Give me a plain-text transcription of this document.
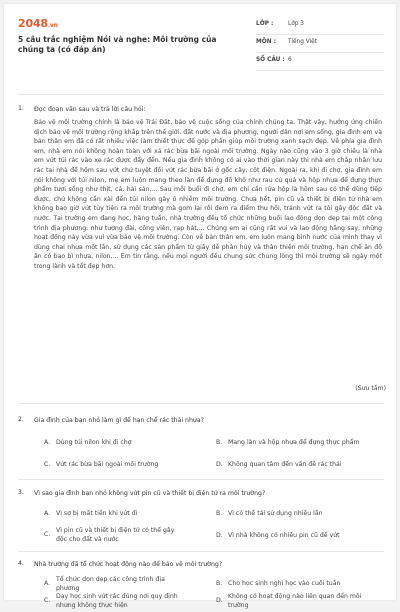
2048.vn
5 câu trắc nghiệm Nói và nghe: Môi trường của chúng ta (có đáp án)
LỚP :	Lớp 3
MÔN : Tiếng Việt
SỐ CÂU : 6
1. Đọc đoạn văn sau và trả lời câu hỏi:
Bảo vệ môi trường chính là bảo vệ Trái Đất, bảo vệ cuộc sống của chính chúng ta. Thật vậy, hưởng ứng chiến dịch bảo vệ môi trường rộng khắp trên thế giới, đất nước và địa phương, người dân nơi em sống, gia đình em và bản thân em đã có rất nhiều việc làm thiết thực để góp phần giúp môi trường xanh sạch đẹp. Về phía gia đình em, nhà em nói không hoàn toàn với xả rác bừa bãi ngoài môi trường. Ngày nào cũng vào 3 giờ chiều là nhà em vứt túi rác vào xe rác được đẩy đến. Nếu gia đình không có ai vào thời gian này thì nhà em chắp nhận lưu rác tại nhà để hôm sau vứt chứ tuyệt đối vứt rác bừa bãi ở gốc cây, cột điện. Ngoài ra, khi đi chợ, gia đình em nói không với túi nilon, mẹ em luôn mang theo làn để đựng đồ khô như rau củ quả và hộp nhựa để đựng thực phẩm tươi sống như thịt, cá, hải sản,... Sau mỗi buổi đi chợ, em chỉ cần rửa hộp là hôm sau có thể dùng tiếp được, chứ không cần xài đến túi nilon gây ô nhiễm môi trường. Chưa hết, pin cũ và thiết bị điện tử nhà em không bao giờ vứt tùy tiện ra môi trường mà gom lại rồi đem ra điểm thu hồi, tránh vứt ra tôi gây độc đất và nước. Tại trường em đang học, hàng tuần, nhà trường đều tổ chức những buổi lao động dọn dẹp tại một công trình địa phương: như tượng đài, công viên, rạp hát,... Chúng em ai cũng rất vui và lao động hăng say, những hoạt động này vừa vui vừa bảo vệ môi trường. Còn về bản thân em, em luôn mang bình nước của mình thay vì dùng chai nhựa một lần, sử dụng các sản phẩm từ giấy dễ phân hủy và thân thiện môi trường, hạn chế ăn đồ ăn có bao bì nhựa, nilon,... Em tin rằng, nếu mọi người đều chung sức chung lòng thì môi trường sẽ ngày một trong lành và tốt đẹp hơn.
(Sưu tầm)
2. Gia đình của bạn nhỏ làm gì để hạn chế rác thải nhựa?
A. Dùng túi nilon khi đi chợ	B. Mang làn và hộp nhựa để đựng thực phẩm
C. Vứt rác bừa bãi ngoài môi trường	D. Không quan tâm đến vấn đề rác thải
3. Vì sao gia đình bạn nhỏ không vứt pin cũ và thiết bị điện tử ra môi trường?
A. Vì sợ bị mất tiền khi vứt đi	B. Vì có thể tái sử dụng nhiều lần
C.
Vì pin cũ và thiết bị điện tử có thể gây độc cho đất và nước
D. Vì nhà không có nhiều pin cũ để vứt
4. Nhà trường đã tổ chức hoạt động nào để bảo vệ môi trường?
A.
Tổ chức dọn dẹp các công trình địa phương
B. Cho học sinh nghỉ học vào cuối tuần
C.
Dạy học sinh vứt rác đúng nơi quy định nhưng không thực hiện
D.
Không có hoạt động nào liên quan đến môi trường
